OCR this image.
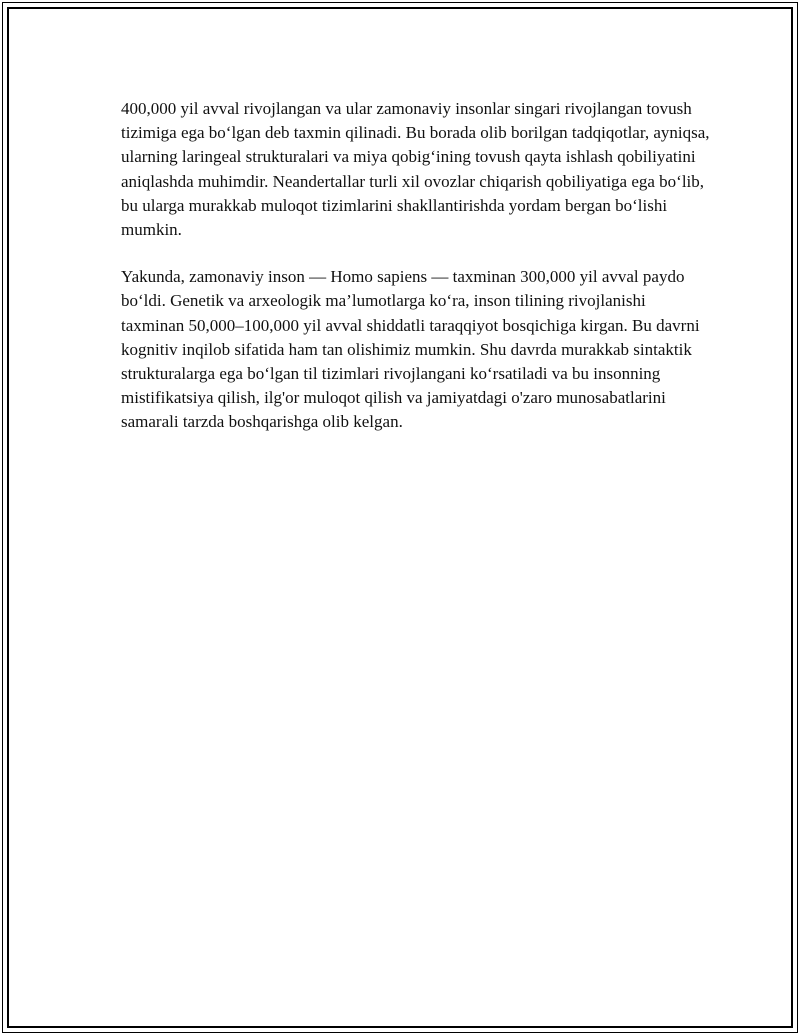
400,000 yil avval rivojlangan va ular zamonaviy insonlar singari rivojlangan tovush tizimiga ega bo‘lgan deb taxmin qilinadi. Bu borada olib borilgan tadqiqotlar, ayniqsa, ularning laringeal strukturalari va miya qobig‘ining tovush qayta ishlash qobiliyatini aniqlashda muhimdir. Neandertallar turli xil ovozlar chiqarish qobiliyatiga ega bo‘lib, bu ularga murakkab muloqot tizimlarini shakllantirishda yordam bergan bo‘lishi mumkin.

Yakunda, zamonaviy inson — Homo sapiens — taxminan 300,000 yil avval paydo bo‘ldi. Genetik va arxeologik ma’lumotlarga ko‘ra, inson tilining rivojlanishi taxminan 50,000–100,000 yil avval shiddatli taraqqiyot bosqichiga kirgan. Bu davrni kognitiv inqilob sifatida ham tan olishimiz mumkin. Shu davrda murakkab sintaktik strukturalarga ega bo‘lgan til tizimlari rivojlangani ko‘rsatiladi va bu insonning mistifikatsiya qilish, ilg'or muloqot qilish va jamiyatdagi o'zaro munosabatlarini samarali tarzda boshqarishga olib kelgan.
